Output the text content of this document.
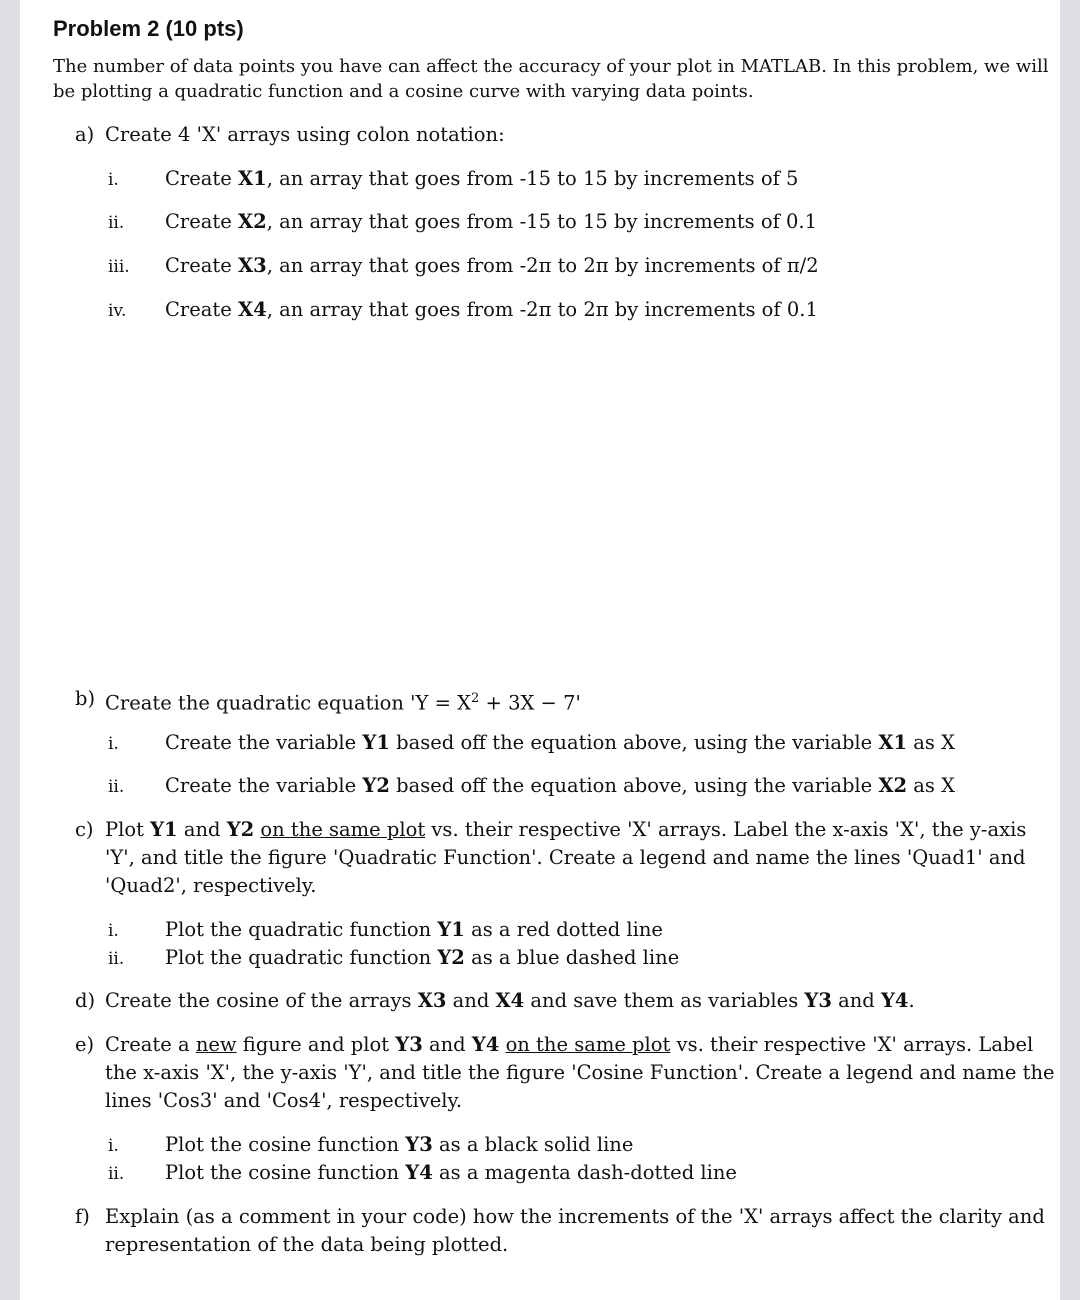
Problem 2 (10 pts)
The number of data points you have can affect the accuracy of your plot in MATLAB. In this problem, we will
be plotting a quadratic function and a cosine curve with varying data points.
a) Create 4 'X' arrays using colon notation:
i.	Create X1, an array that goes from -15 to 15 by increments of 5
ii.	Create X2, an array that goes from -15 to 15 by increments of 0.1
iii.	Create X3, an array that goes from -2π to 2π by increments of π/2
iv.	Create X4, an array that goes from -2π to 2π by increments of 0.1
b) Create the quadratic equation '$Y = X^2 + 3X - 7$'
i.	Create the variable Y1 based off the equation above, using the variable X1 as X
ii.	Create the variable Y2 based off the equation above, using the variable X2 as X
c) Plot Y1 and Y2 on the same plot vs. their respective 'X' arrays. Label the x-axis 'X', the y-axis
'Y', and title the figure 'Quadratic Function'. Create a legend and name the lines 'Quad1' and
'Quad2', respectively.
i.	Plot the quadratic function Y1 as a red dotted line
ii.	Plot the quadratic function Y2 as a blue dashed line
d) Create the cosine of the arrays X3 and X4 and save them as variables Y3 and Y4.
e) Create a new figure and plot Y3 and Y4 on the same plot vs. their respective 'X' arrays. Label
the x-axis 'X', the y-axis 'Y', and title the figure 'Cosine Function'. Create a legend and name the
lines 'Cos3' and 'Cos4', respectively.
i.	Plot the cosine function Y3 as a black solid line
ii.	Plot the cosine function Y4 as a magenta dash-dotted line
f) Explain (as a comment in your code) how the increments of the 'X' arrays affect the clarity and
representation of the data being plotted.
